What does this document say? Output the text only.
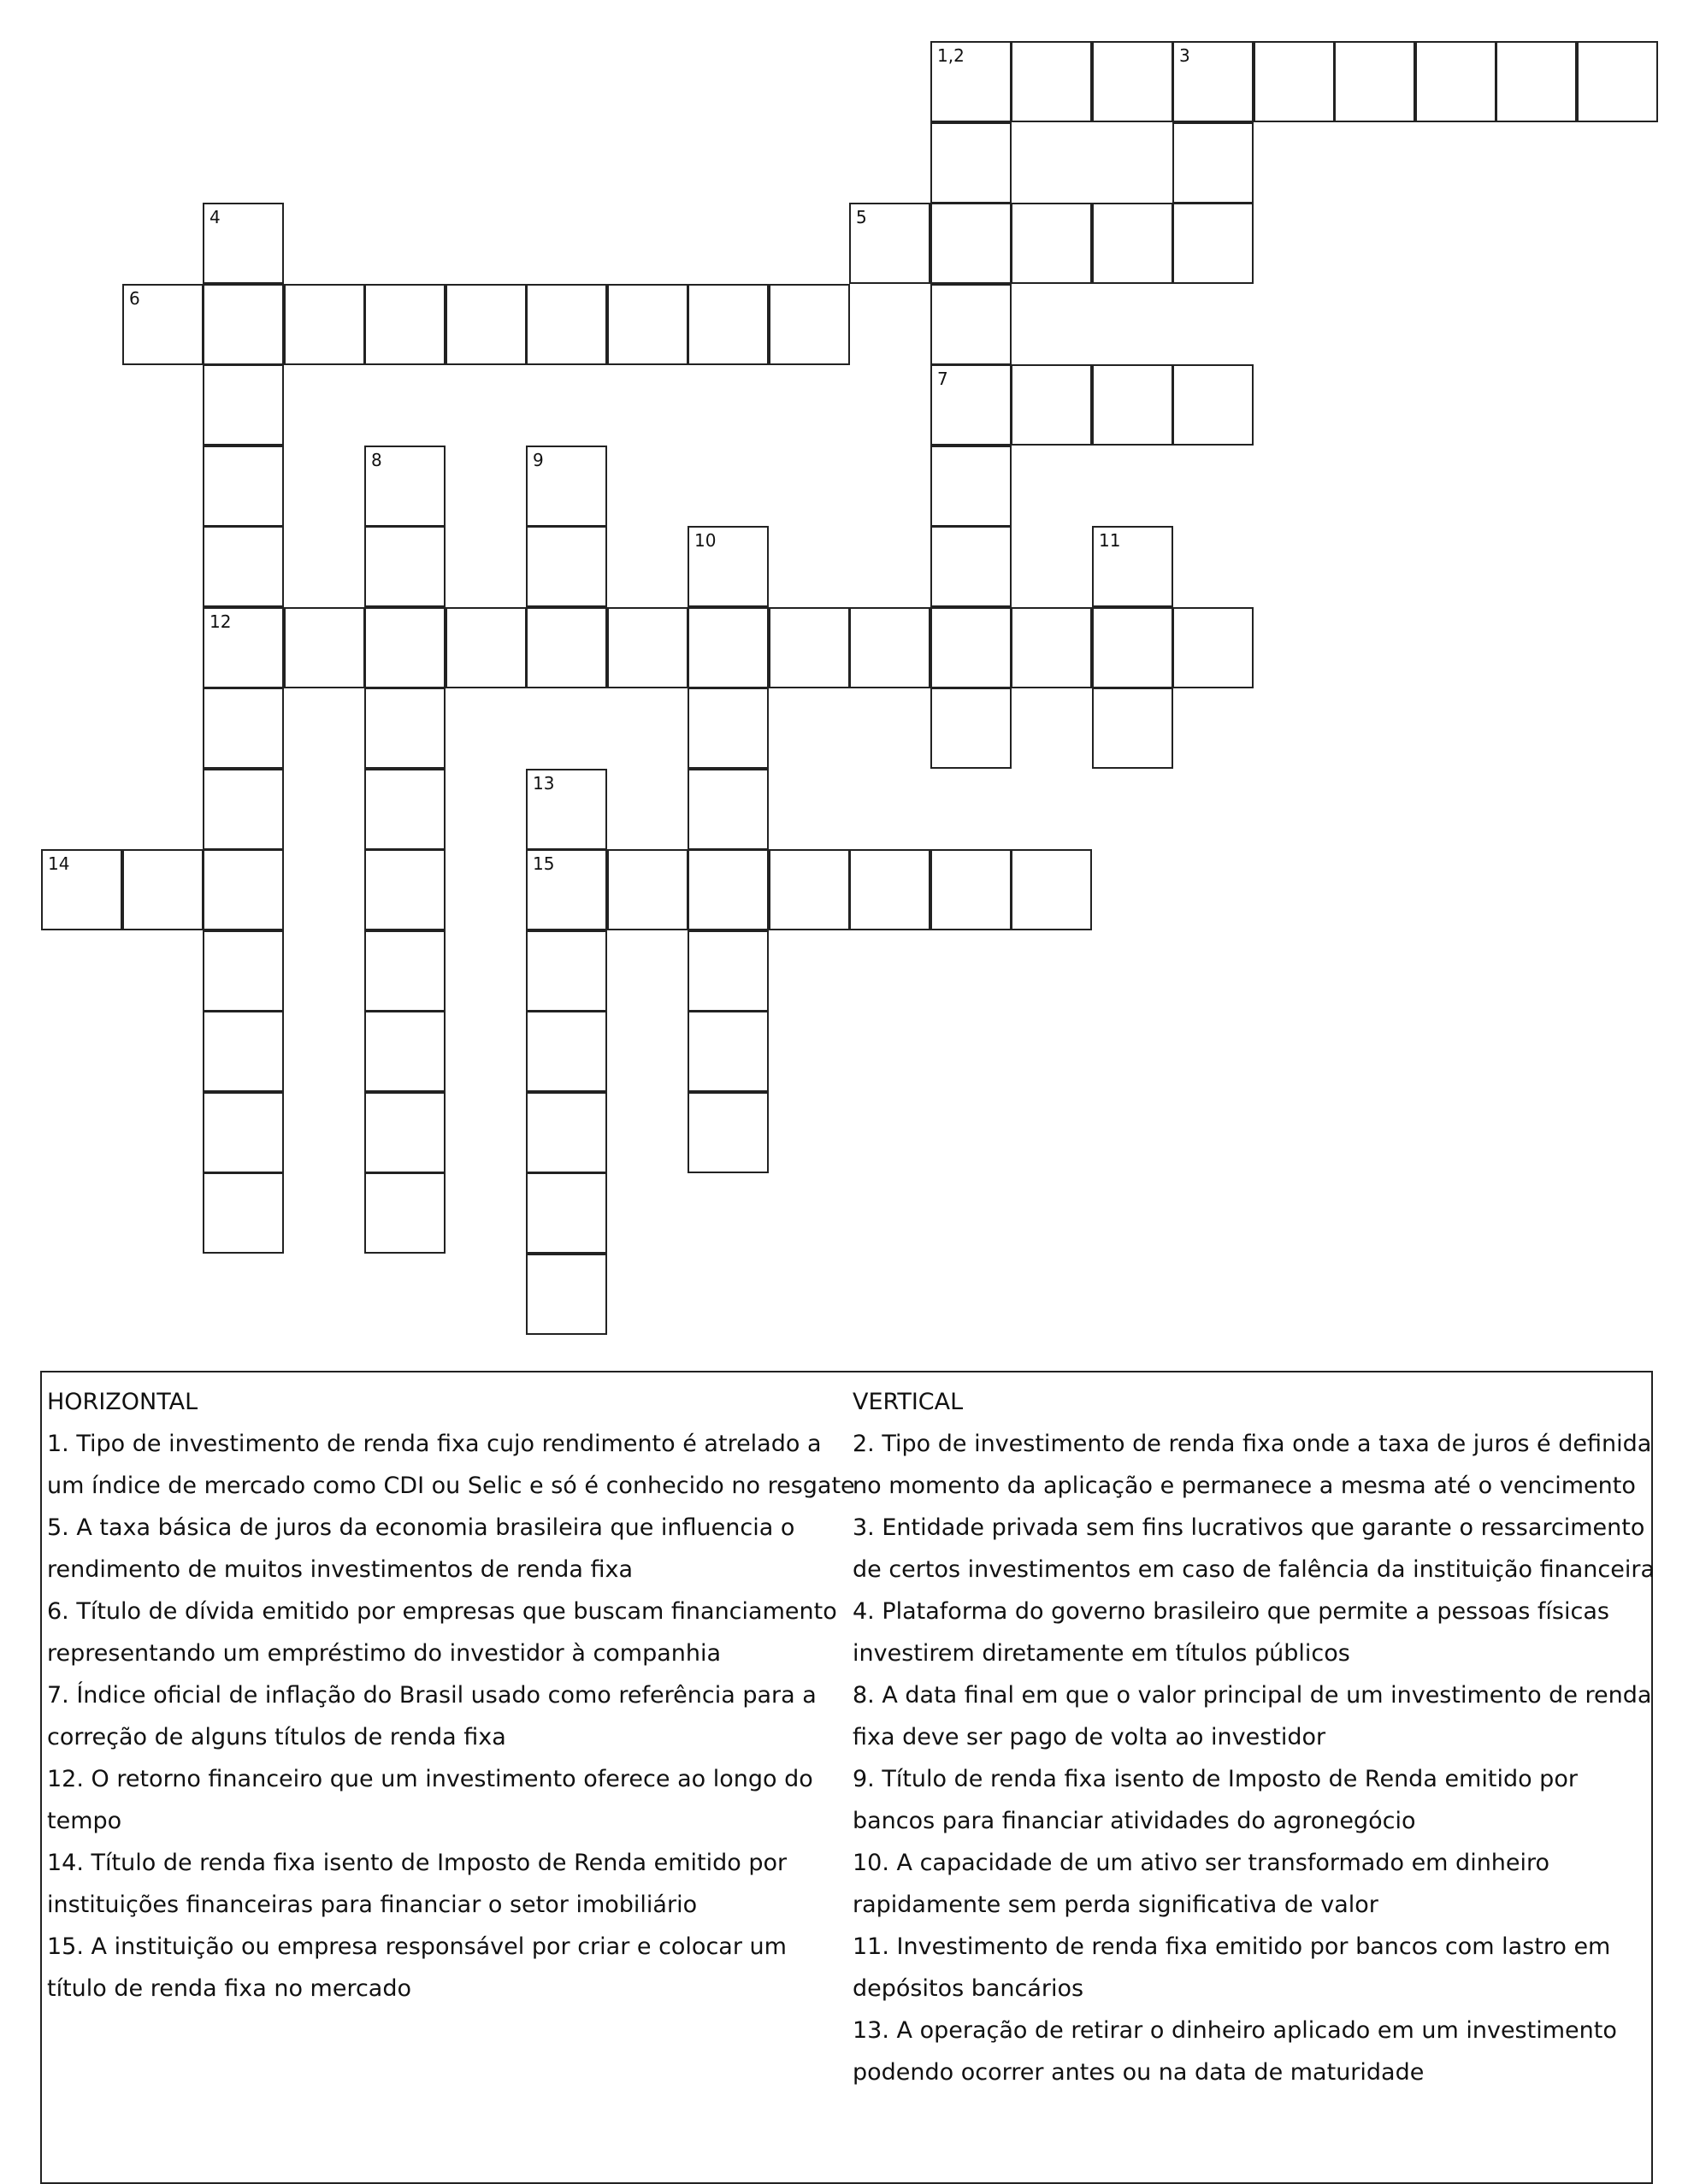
1,2	3
4	5
6
7
8	9
10	11
12
13
14	15
HORIZONTAL
1. Tipo de investimento de renda fixa cujo rendimento é atrelado a
um índice de mercado como CDI ou Selic e só é conhecido no resgate
5. A taxa básica de juros da economia brasileira que influencia o
rendimento de muitos investimentos de renda fixa
6. Título de dívida emitido por empresas que buscam financiamento
representando um empréstimo do investidor à companhia
7. Índice oficial de inflação do Brasil usado como referência para a
correção de alguns títulos de renda fixa
12. O retorno financeiro que um investimento oferece ao longo do
tempo
14. Título de renda fixa isento de Imposto de Renda emitido por
instituições financeiras para financiar o setor imobiliário
15. A instituição ou empresa responsável por criar e colocar um
título de renda fixa no mercado
VERTICAL
2. Tipo de investimento de renda fixa onde a taxa de juros é definida
no momento da aplicação e permanece a mesma até o vencimento
3. Entidade privada sem fins lucrativos que garante o ressarcimento
de certos investimentos em caso de falência da instituição financeira
4. Plataforma do governo brasileiro que permite a pessoas físicas
investirem diretamente em títulos públicos
8. A data final em que o valor principal de um investimento de renda
fixa deve ser pago de volta ao investidor
9. Título de renda fixa isento de Imposto de Renda emitido por
bancos para financiar atividades do agronegócio
10. A capacidade de um ativo ser transformado em dinheiro
rapidamente sem perda significativa de valor
11. Investimento de renda fixa emitido por bancos com lastro em
depósitos bancários
13. A operação de retirar o dinheiro aplicado em um investimento
podendo ocorrer antes ou na data de maturidade
